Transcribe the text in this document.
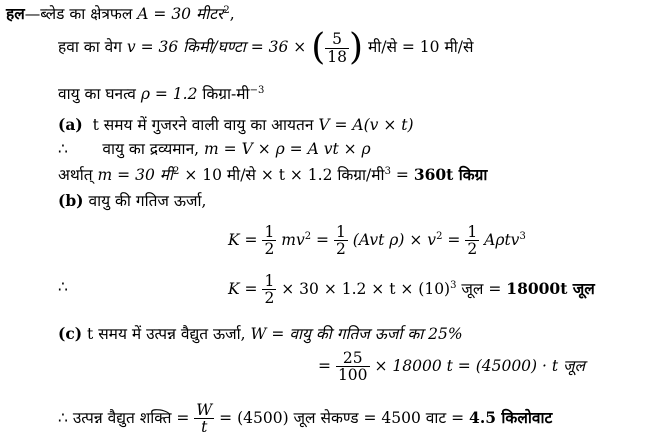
हल—ब्लेड का क्षेत्रफल A = 30 मीटर$^2$,
हवा का वेग v = 36 किमी/घण्टा = 36 × ( $\frac{5}{18}$ ) मी/से = 10 मी/से
वायु का घनत्व ρ = 1.2 किग्रा-मी$^{-3}$
(a) t समय में गुजरने वाली वायु का आयतन V = A(v × t)
∴ वायु का द्रव्यमान, m = V × ρ = A vt × ρ
अर्थात् m = 30 मी$^2$ × 10 मी/से × t × 1.2 किग्रा/मी$^3$ = 360t किग्रा
(b) वायु की गतिज ऊर्जा,
$K = \frac{1}{2} mv^2 = \frac{1}{2} (Avt$ $\rho) \times v^2 = \frac{1}{2} A\rho tv^3$
∴	$K = \frac{1}{2} \times 30 \times 1.2 \times t \times (10)^3$ जूल = 18000t जूल
(c) t समय में उत्पन्न वैद्युत ऊर्जा, W = वायु की गतिज ऊर्जा का 25%
= $\frac{25}{100} \times 18000$ t = (45000) · t जूल
∴ उत्पन्न वैद्युत शक्ति = $\frac{W}{t} = (4500)$ जूल सेकण्ड = 4500 वाट = 4.5 किलोवाट
